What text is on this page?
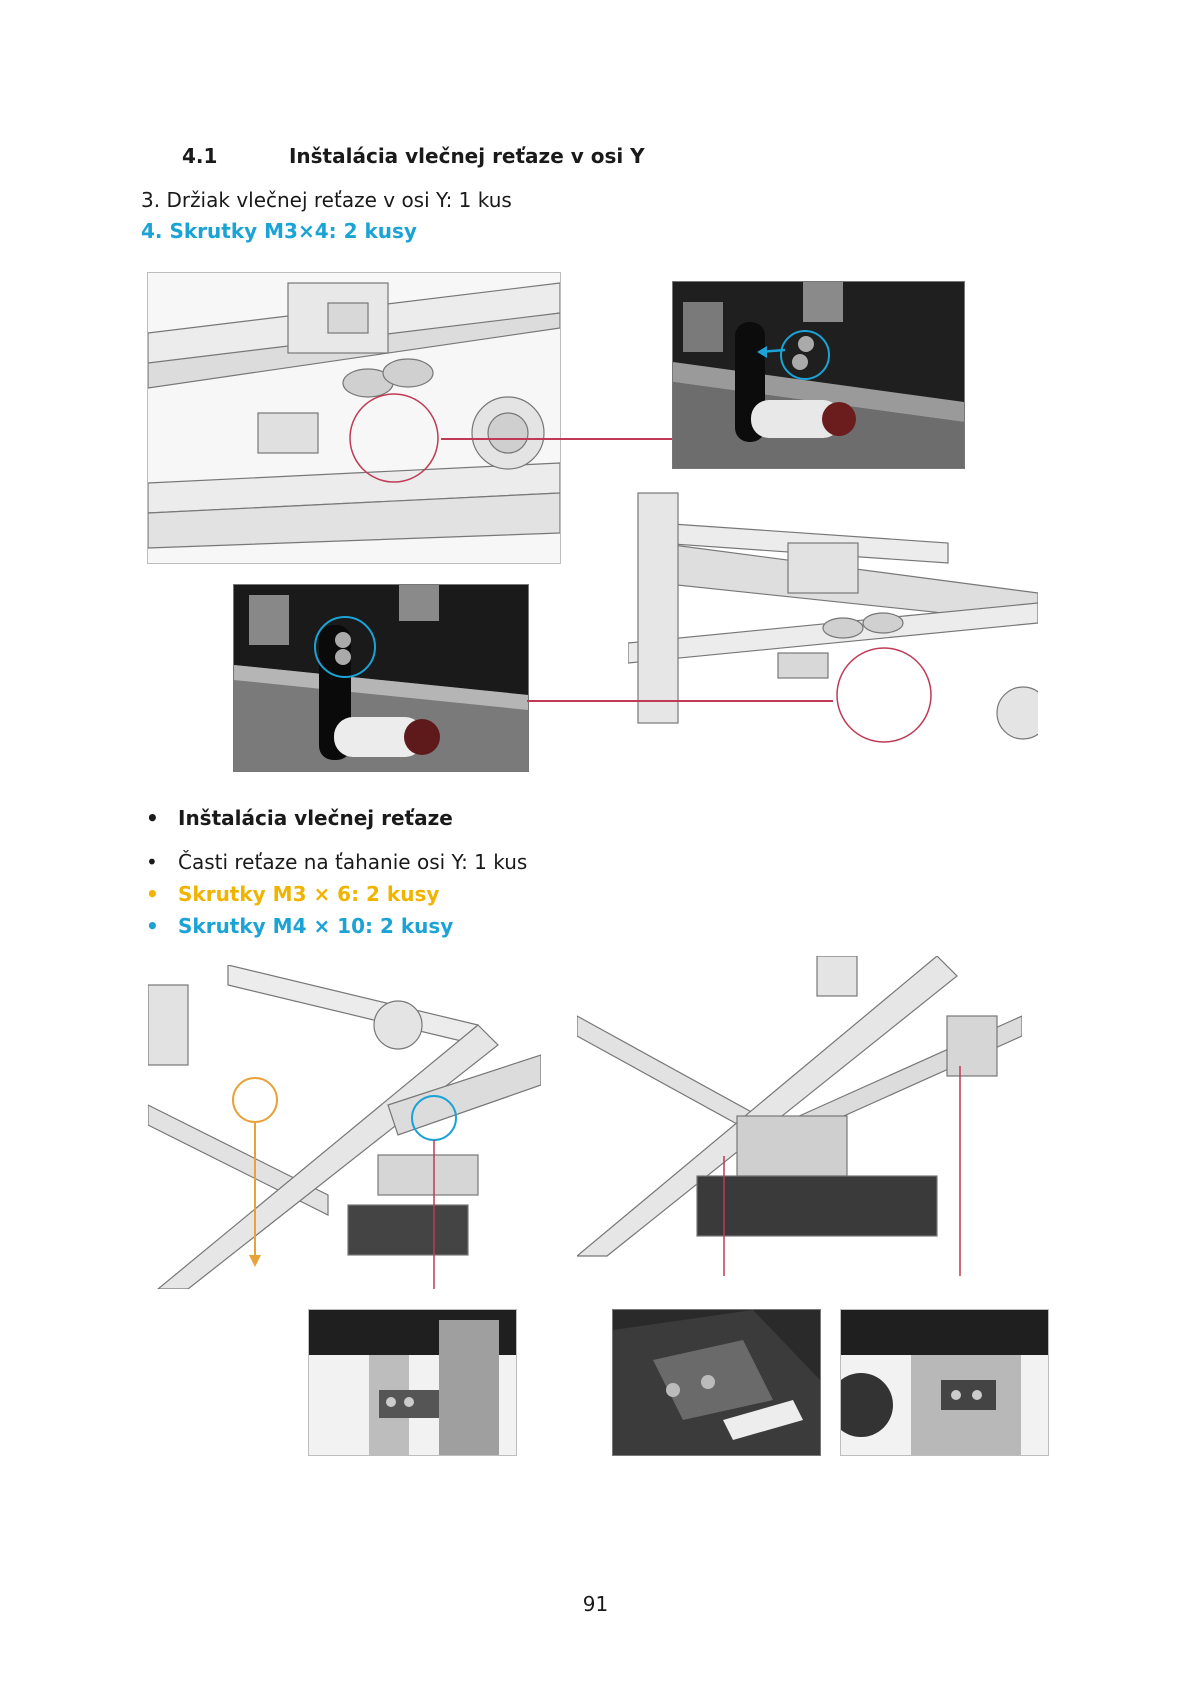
4.1	Inštalácia vlečnej reťaze v osi Y
3. Držiak vlečnej reťaze v osi Y: 1 kus
4. Skrutky M3×4: 2 kusy
• Inštalácia vlečnej reťaze
• Časti reťaze na ťahanie osi Y: 1 kus
• Skrutky M3 × 6: 2 kusy
• Skrutky M4 × 10: 2 kusy
91
